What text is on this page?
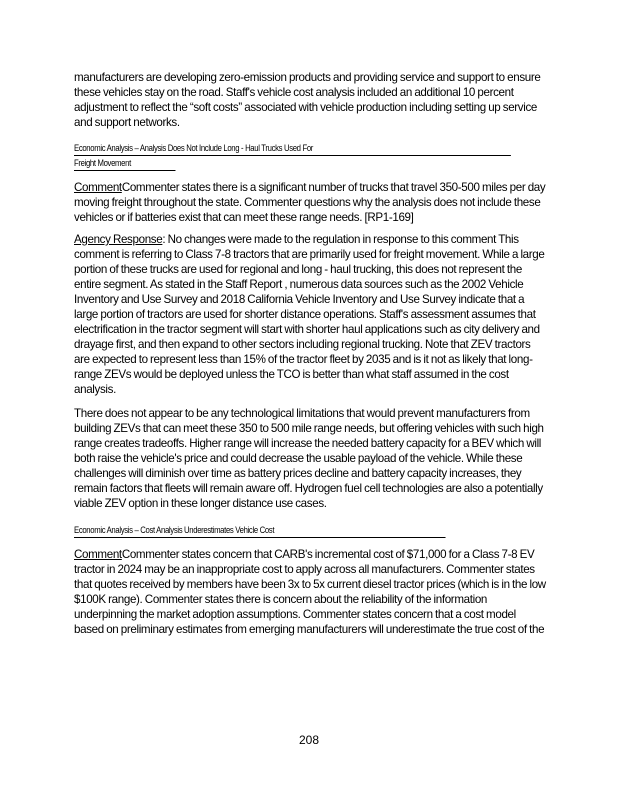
manufacturers are developing zero-emission products and providing service and support to ensure these vehicles stay on the road. Staff's vehicle cost analysis included an additional 10 percent adjustment to reflect the “soft costs” associated with vehicle production including setting up service and support networks.

Economic Analysis – Analysis Does Not Include Long - Haul Trucks Used For
Freight Movement

CommentCommenter states there is a significant number of trucks that travel 350-500 miles per day moving freight throughout the state. Commenter questions why the analysis does not include these vehicles or if batteries exist that can meet these range needs. [RP1-169]

Agency Response: No changes were made to the regulation in response to this comment This comment is referring to Class 7-8 tractors that are primarily used for freight movement. While a large portion of these trucks are used for regional and long - haul trucking, this does not represent the entire segment. As stated in the Staff Report , numerous data sources such as the 2002 Vehicle Inventory and Use Survey and 2018 California Vehicle Inventory and Use Survey indicate that a large portion of tractors are used for shorter distance operations. Staff's assessment assumes that electrification in the tractor segment will start with shorter haul applications such as city delivery and drayage first, and then expand to other sectors including regional trucking. Note that ZEV tractors are expected to represent less than 15% of the tractor fleet by 2035 and is it not as likely that long-range ZEVs would be deployed unless the TCO is better than what staff assumed in the cost analysis.

There does not appear to be any technological limitations that would prevent manufacturers from building ZEVs that can meet these 350 to 500 mile range needs, but offering vehicles with such high range creates tradeoffs. Higher range will increase the needed battery capacity for a BEV which will both raise the vehicle's price and could decrease the usable payload of the vehicle. While these challenges will diminish over time as battery prices decline and battery capacity increases, they remain factors that fleets will remain aware off. Hydrogen fuel cell technologies are also a potentially viable ZEV option in these longer distance use cases.

Economic Analysis – Cost Analysis Underestimates Vehicle Cost

CommentCommenter states concern that CARB's incremental cost of $71,000 for a Class 7-8 EV tractor in 2024 may be an inappropriate cost to apply across all manufacturers. Commenter states that quotes received by members have been 3x to 5x current diesel tractor prices (which is in the low $100K range). Commenter states there is concern about the reliability of the information underpinning the market adoption assumptions. Commenter states concern that a cost model based on preliminary estimates from emerging manufacturers will underestimate the true cost of the

208
